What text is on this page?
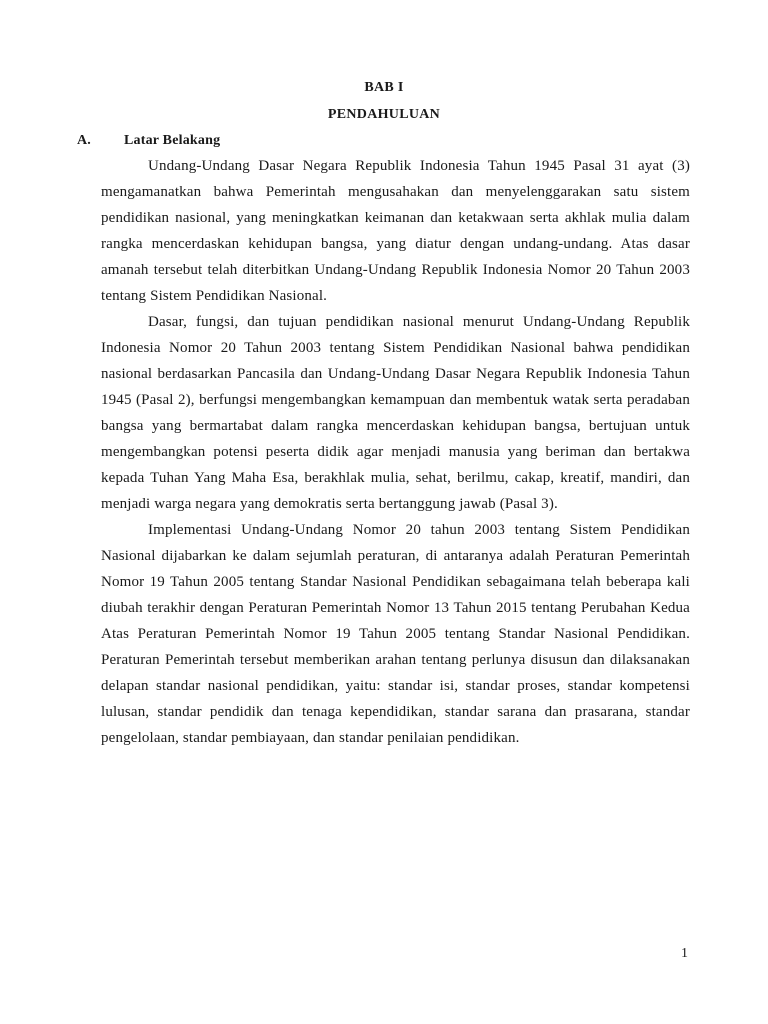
BAB I
PENDAHULUAN
A. Latar Belakang

Undang-Undang Dasar Negara Republik Indonesia Tahun 1945 Pasal 31 ayat (3) mengamanatkan bahwa Pemerintah mengusahakan dan menyelenggarakan satu sistem pendidikan nasional, yang meningkatkan keimanan dan ketakwaan serta akhlak mulia dalam rangka mencerdaskan kehidupan bangsa, yang diatur dengan undang-undang. Atas dasar amanah tersebut telah diterbitkan Undang-Undang Republik Indonesia Nomor 20 Tahun 2003 tentang Sistem Pendidikan Nasional.

Dasar, fungsi, dan tujuan pendidikan nasional menurut Undang-Undang Republik Indonesia Nomor 20 Tahun 2003 tentang Sistem Pendidikan Nasional bahwa pendidikan nasional berdasarkan Pancasila dan Undang-Undang Dasar Negara Republik Indonesia Tahun 1945 (Pasal 2), berfungsi mengembangkan kemampuan dan membentuk watak serta peradaban bangsa yang bermartabat dalam rangka mencerdaskan kehidupan bangsa, bertujuan untuk mengembangkan potensi peserta didik agar menjadi manusia yang beriman dan bertakwa kepada Tuhan Yang Maha Esa, berakhlak mulia, sehat, berilmu, cakap, kreatif, mandiri, dan menjadi warga negara yang demokratis serta bertanggung jawab (Pasal 3).

Implementasi Undang-Undang Nomor 20 tahun 2003 tentang Sistem Pendidikan Nasional dijabarkan ke dalam sejumlah peraturan, di antaranya adalah Peraturan Pemerintah Nomor 19 Tahun 2005 tentang Standar Nasional Pendidikan sebagaimana telah beberapa kali diubah terakhir dengan Peraturan Pemerintah Nomor 13 Tahun 2015 tentang Perubahan Kedua Atas Peraturan Pemerintah Nomor 19 Tahun 2005 tentang Standar Nasional Pendidikan. Peraturan Pemerintah tersebut memberikan arahan tentang perlunya disusun dan dilaksanakan delapan standar nasional pendidikan, yaitu: standar isi, standar proses, standar kompetensi lulusan, standar pendidik dan tenaga kependidikan, standar sarana dan prasarana, standar pengelolaan, standar pembiayaan, dan standar penilaian pendidikan.

1
